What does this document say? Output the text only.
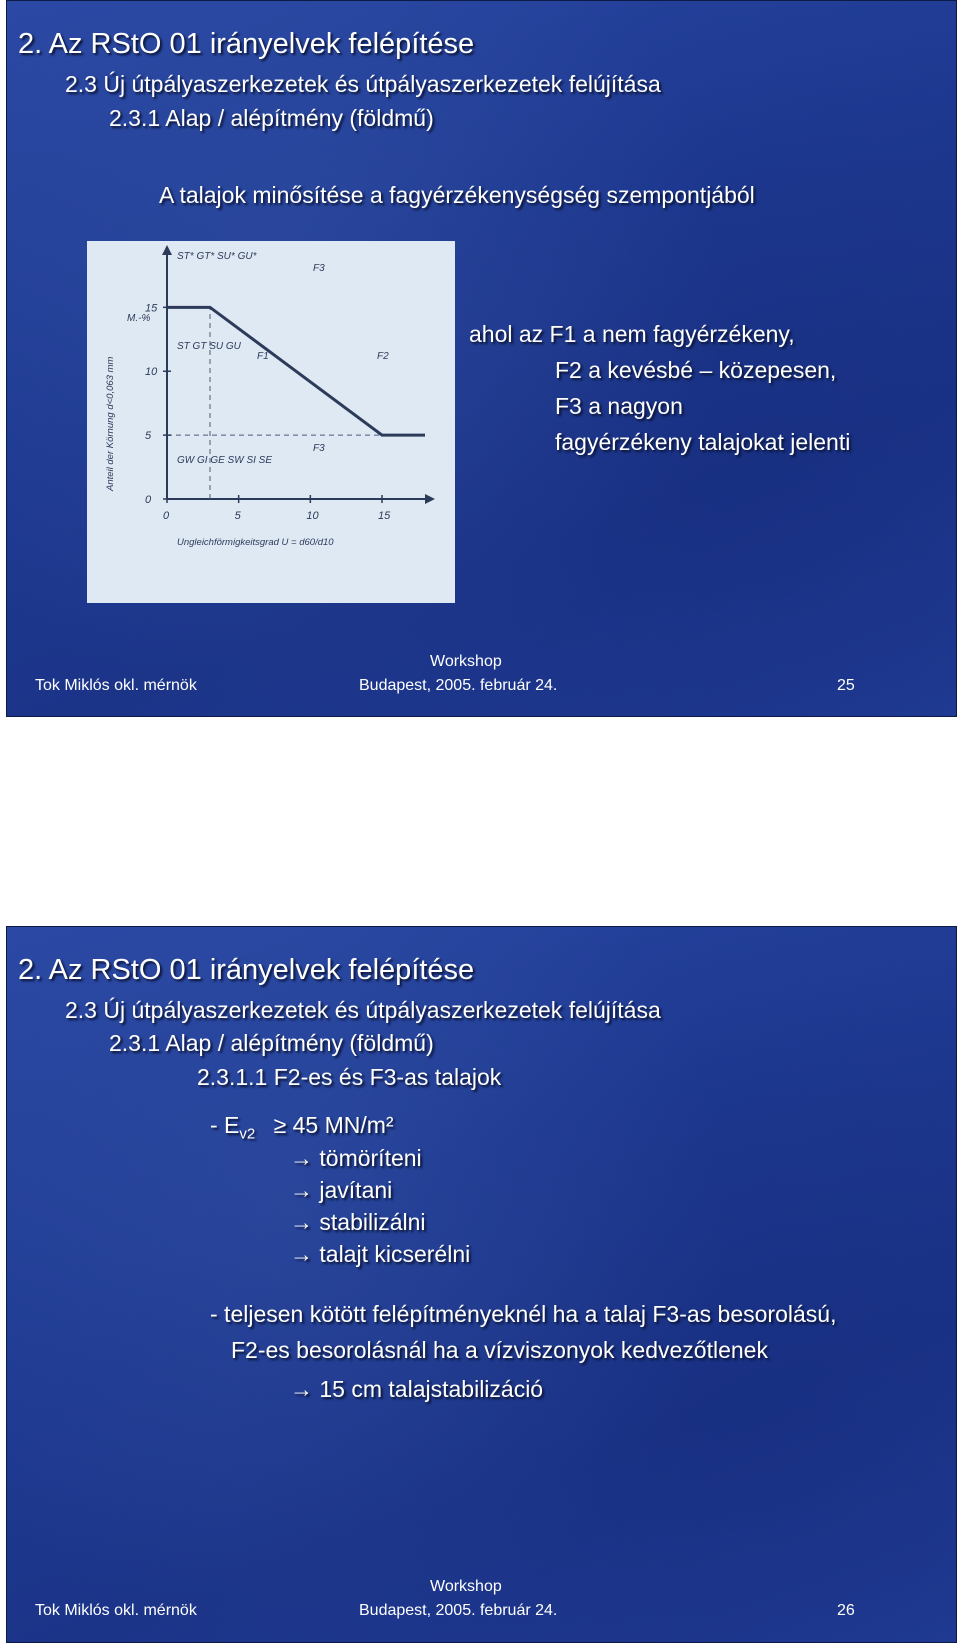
2. Az RStO 01 irányelvek felépítése
2.3 Új útpályaszerkezetek és útpályaszerkezetek felújítása
2.3.1 Alap / alépítmény (földmű)
A talajok minősítése a fagyérzékenységség szempontjából
0	5	10	15
0
5
10
15
ST* GT* SU* GU*
ST GT SU GU
GW GI GE SW SI SE
F1	F2
F3
F3
M.-%
Ungleichförmigkeitsgrad U = d60/d10
Anteil der Körnung d<0,063 mm
ahol az F1 a nem fagyérzékeny,
F2 a kevésbé – közepesen,
F3 a nagyon
fagyérzékeny talajokat jelenti
Tok Miklós okl. mérnök
Workshop
Budapest, 2005. február 24.	25
2. Az RStO 01 irányelvek felépítése
2.3 Új útpályaszerkezetek és útpályaszerkezetek felújítása
2.3.1 Alap / alépítmény (földmű)
2.3.1.1 F2-es és F3-as talajok
- $E_{v2} \ge 45$ MN/m²
→ tömöríteni
→ javítani
→ stabilizálni
→ talajt kicserélni
- teljesen kötött felépítményeknél ha a talaj F3-as besorolású,
F2-es besorolásnál ha a vízviszonyok kedvezőtlenek
→ 15 cm talajstabilizáció
Tok Miklós okl. mérnök
Workshop
Budapest, 2005. február 24.	26
